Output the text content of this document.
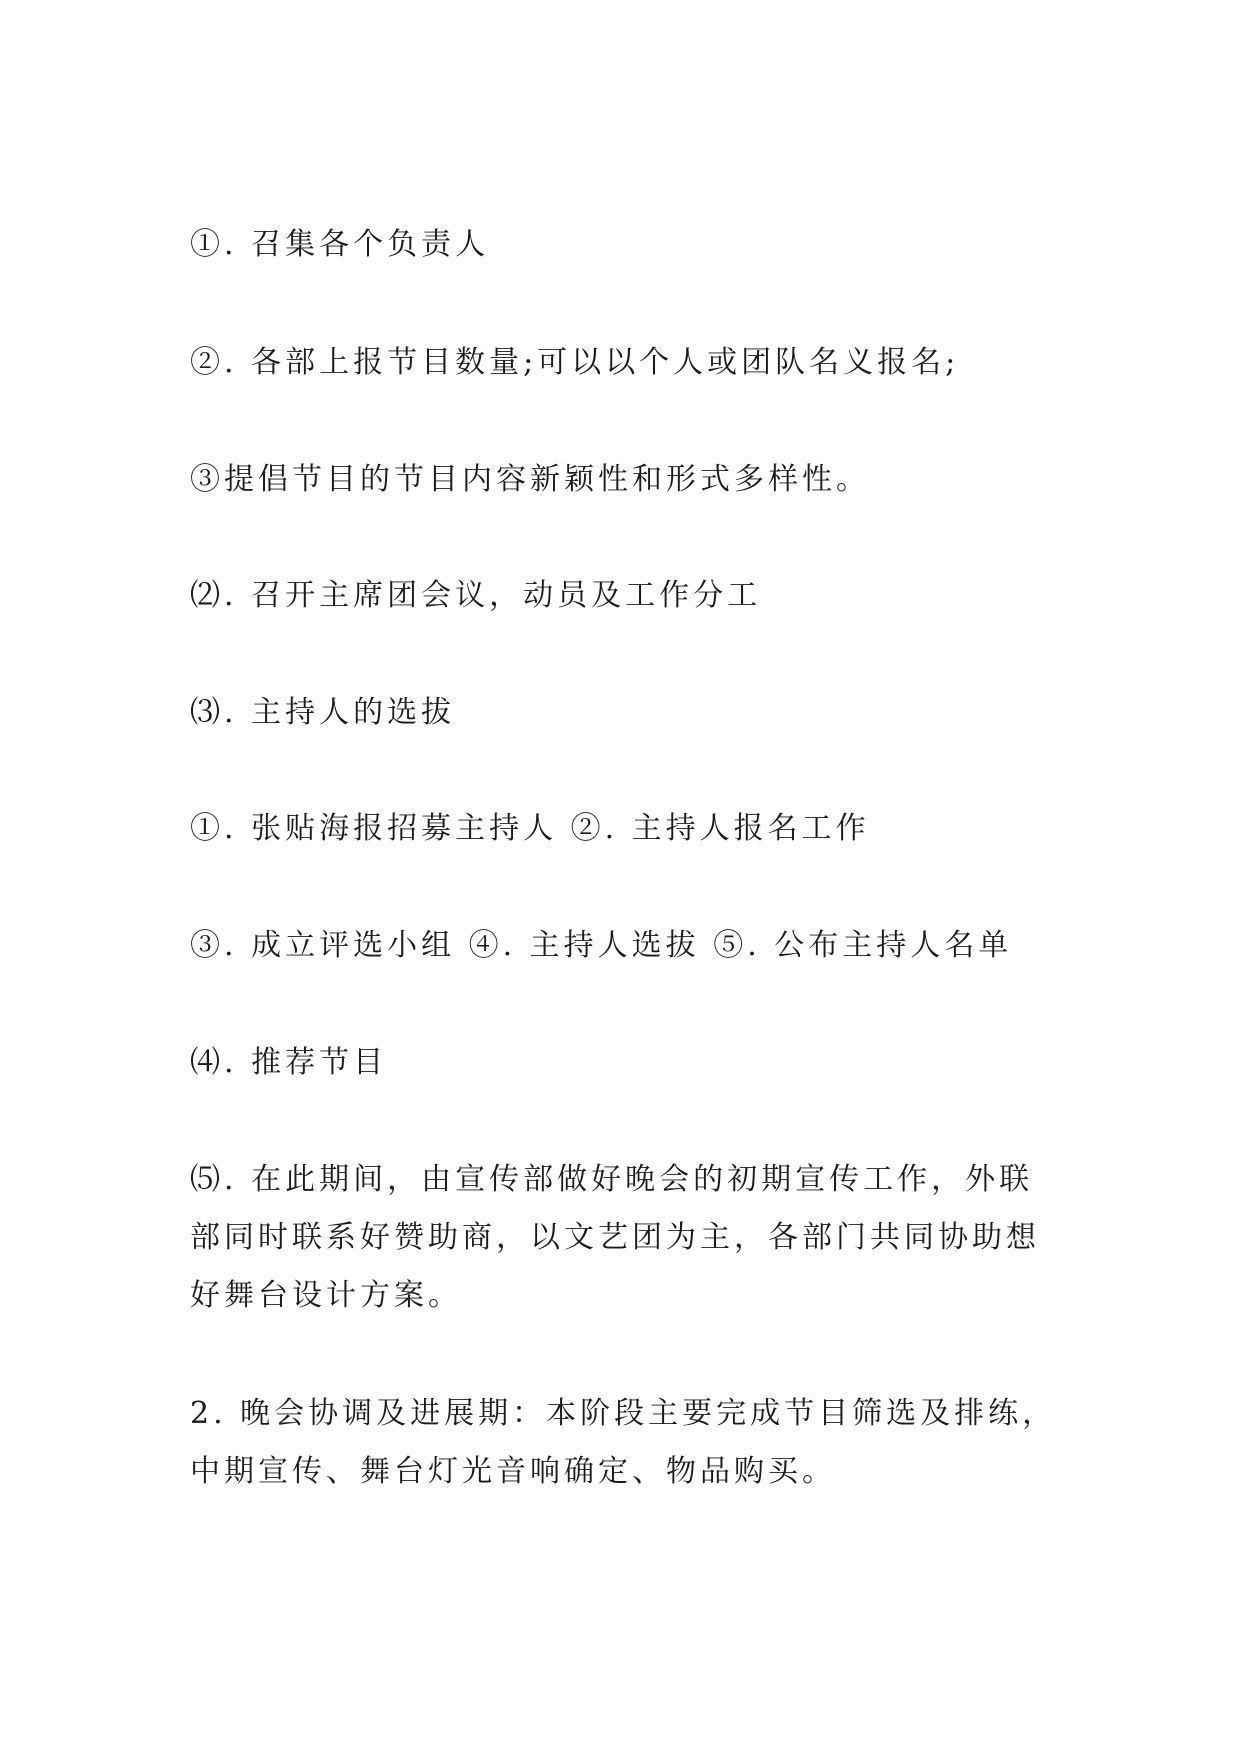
①. 召集各个负责人

②. 各部上报节目数量;可以以个人或团队名义报名;

③提倡节目的节目内容新颖性和形式多样性。

⑵. 召开主席团会议，动员及工作分工

⑶. 主持人的选拔

①. 张贴海报招募主持人 ②. 主持人报名工作

③. 成立评选小组 ④. 主持人选拔 ⑤. 公布主持人名单

⑷. 推荐节目

⑸. 在此期间，由宣传部做好晚会的初期宣传工作，外联部同时联系好赞助商，以文艺团为主，各部门共同协助想好舞台设计方案。

2. 晚会协调及进展期：本阶段主要完成节目筛选及排练，中期宣传、舞台灯光音响确定、物品购买。
